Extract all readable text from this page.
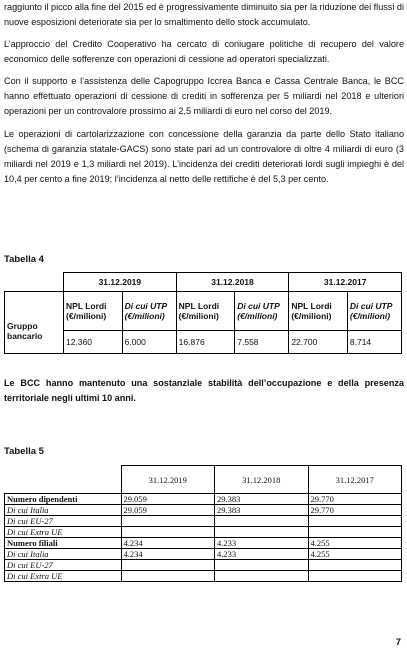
raggiunto il picco alla fine del 2015 ed è progressivamente diminuito sia per la riduzione dei flussi di nuove esposizioni deteriorate sia per lo smaltimento dello stock accumulato.

L’approccio del Credito Cooperativo ha cercato di coniugare politiche di recupero del valore economico delle sofferenze con operazioni di cessione ad operatori specializzati.

Con il supporto e l’assistenza delle Capogruppo Iccrea Banca e Cassa Centrale Banca, le BCC hanno effettuato operazioni di cessione di crediti in sofferenza per 5 miliardi nel 2018 e ulteriori operazioni per un controvalore prossimo ai 2,5 miliardi di euro nel corso del 2019.

Le operazioni di cartolarizzazione con concessione della garanzia da parte dello Stato italiano (schema di garanzia statale-GACS) sono state pari ad un controvalore di oltre 4 miliardi di euro (3 miliardi nel 2019 e 1,3 miliardi nel 2019). L’incidenza dei crediti deteriorati lordi sugli impieghi è del 10,4 per cento a fine 2019; l’incidenza al netto delle rettifiche è del 5,3 per cento.

Tabella 4

	31.12.2019		31.12.2018		31.12.2017	
Gruppo bancario	NPL Lordi (€/milioni)	Di cui UTP (€/milioni)	NPL Lordi (€/milioni)	Di cui UTP (€/milioni)	NPL Lordi (€/milioni)	Di cui UTP (€/milioni)
	12.360	6.000	16.876	7.558	22.700	8.714

Le BCC hanno mantenuto una sostanziale stabilità dell’occupazione e della presenza territoriale negli ultimi 10 anni.

Tabella 5

	31.12.2019	31.12.2018	31.12.2017
Numero dipendenti	29.059	29.383	29.770
Di cui Italia	29.059	29.383	29.770
Di cui EU-27			
Di cui Extra UE			
Numero filiali	4.234	4.233	4.255
Di cui Italia	4.234	4.233	4.255
Di cui EU-27			
Di cui Extra UE			
7
